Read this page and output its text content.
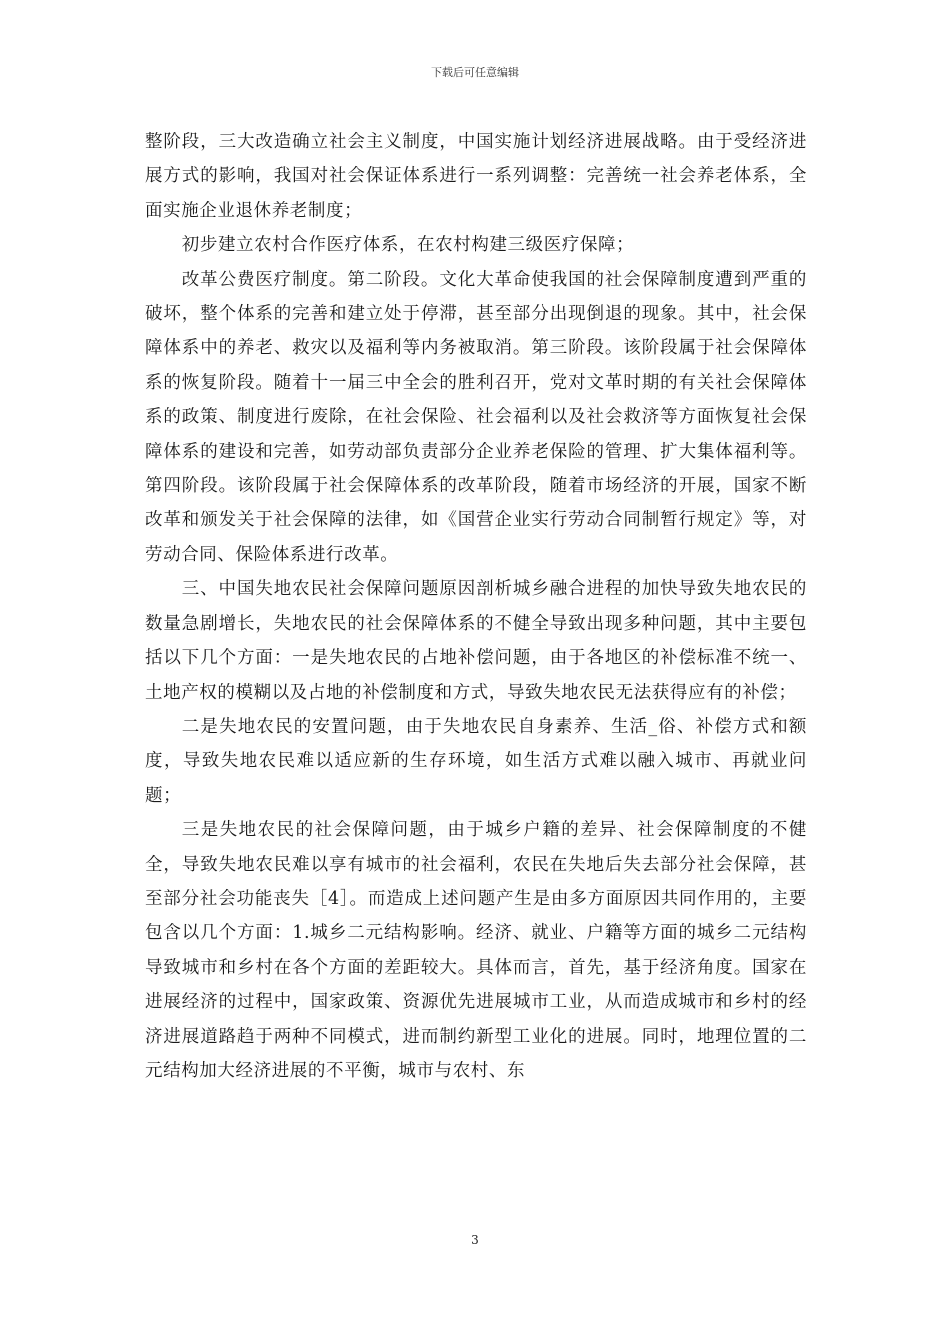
下载后可任意编辑

整阶段，三大改造确立社会主义制度，中国实施计划经济进展战略。由于受经济进展方式的影响，我国对社会保证体系进行一系列调整：完善统一社会养老体系，全面实施企业退休养老制度；

初步建立农村合作医疗体系，在农村构建三级医疗保障；

改革公费医疗制度。第二阶段。文化大革命使我国的社会保障制度遭到严重的破坏，整个体系的完善和建立处于停滞，甚至部分出现倒退的现象。其中，社会保障体系中的养老、救灾以及福利等内务被取消。第三阶段。该阶段属于社会保障体系的恢复阶段。随着十一届三中全会的胜利召开，党对文革时期的有关社会保障体系的政策、制度进行废除，在社会保险、社会福利以及社会救济等方面恢复社会保障体系的建设和完善，如劳动部负责部分企业养老保险的管理、扩大集体福利等。第四阶段。该阶段属于社会保障体系的改革阶段，随着市场经济的开展，国家不断改革和颁发关于社会保障的法律，如《国营企业实行劳动合同制暂行规定》等，对劳动合同、保险体系进行改革。

三、中国失地农民社会保障问题原因剖析城乡融合进程的加快导致失地农民的数量急剧增长，失地农民的社会保障体系的不健全导致出现多种问题，其中主要包括以下几个方面：一是失地农民的占地补偿问题，由于各地区的补偿标准不统一、土地产权的模糊以及占地的补偿制度和方式，导致失地农民无法获得应有的补偿；

二是失地农民的安置问题，由于失地农民自身素养、生活_俗、补偿方式和额度，导致失地农民难以适应新的生存环境，如生活方式难以融入城市、再就业问题；

三是失地农民的社会保障问题，由于城乡户籍的差异、社会保障制度的不健全，导致失地农民难以享有城市的社会福利，农民在失地后失去部分社会保障，甚至部分社会功能丧失［4］。而造成上述问题产生是由多方面原因共同作用的，主要包含以几个方面：1.城乡二元结构影响。经济、就业、户籍等方面的城乡二元结构导致城市和乡村在各个方面的差距较大。具体而言，首先，基于经济角度。国家在进展经济的过程中，国家政策、资源优先进展城市工业，从而造成城市和乡村的经济进展道路趋于两种不同模式，进而制约新型工业化的进展。同时，地理位置的二元结构加大经济进展的不平衡，城市与农村、东

3
